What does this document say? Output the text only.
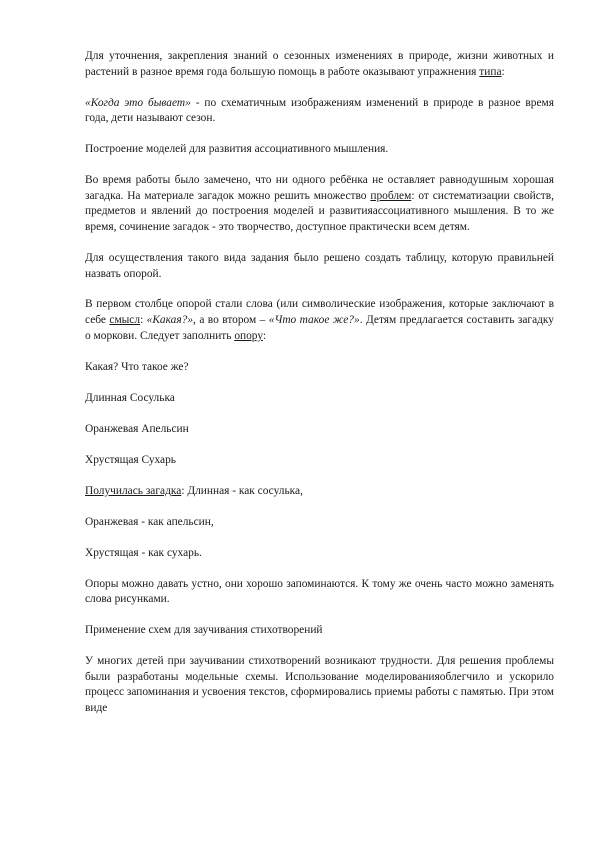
Для уточнения, закрепления знаний о сезонных изменениях в природе, жизни животных и растений в разное время года большую помощь в работе оказывают упражнения типа:

«Когда это бывает» - по схематичным изображениям изменений в природе в разное время года, дети называют сезон.

Построение моделей для развития ассоциативного мышления.

Во время работы было замечено, что ни одного ребёнка не оставляет равнодушным хорошая загадка. На материале загадок можно решить множество проблем: от систематизации свойств, предметов и явлений до построения моделей и развитияассоциативного мышления. В то же время, сочинение загадок - это творчество, доступное практически всем детям.

Для осуществления такого вида задания было решено создать таблицу, которую правильней назвать опорой.

В первом столбце опорой стали слова (или символические изображения, которые заключают в себе смысл: «Какая?», а во втором – «Что такое же?». Детям предлагается составить загадку о моркови. Следует заполнить опору:

Какая? Что такое же?

Длинная Сосулька

Оранжевая Апельсин

Хрустящая Сухарь

Получилась загадка: Длинная - как сосулька,

Оранжевая - как апельсин,

Хрустящая - как сухарь.

Опоры можно давать устно, они хорошо запоминаются. К тому же очень часто можно заменять слова рисунками.

Применение схем для заучивания стихотворений

У многих детей при заучивании стихотворений возникают трудности. Для решения проблемы были разработаны модельные схемы. Использование моделированияоблегчило и ускорило процесс запоминания и усвоения текстов, сформировались приемы работы с памятью. При этом виде
